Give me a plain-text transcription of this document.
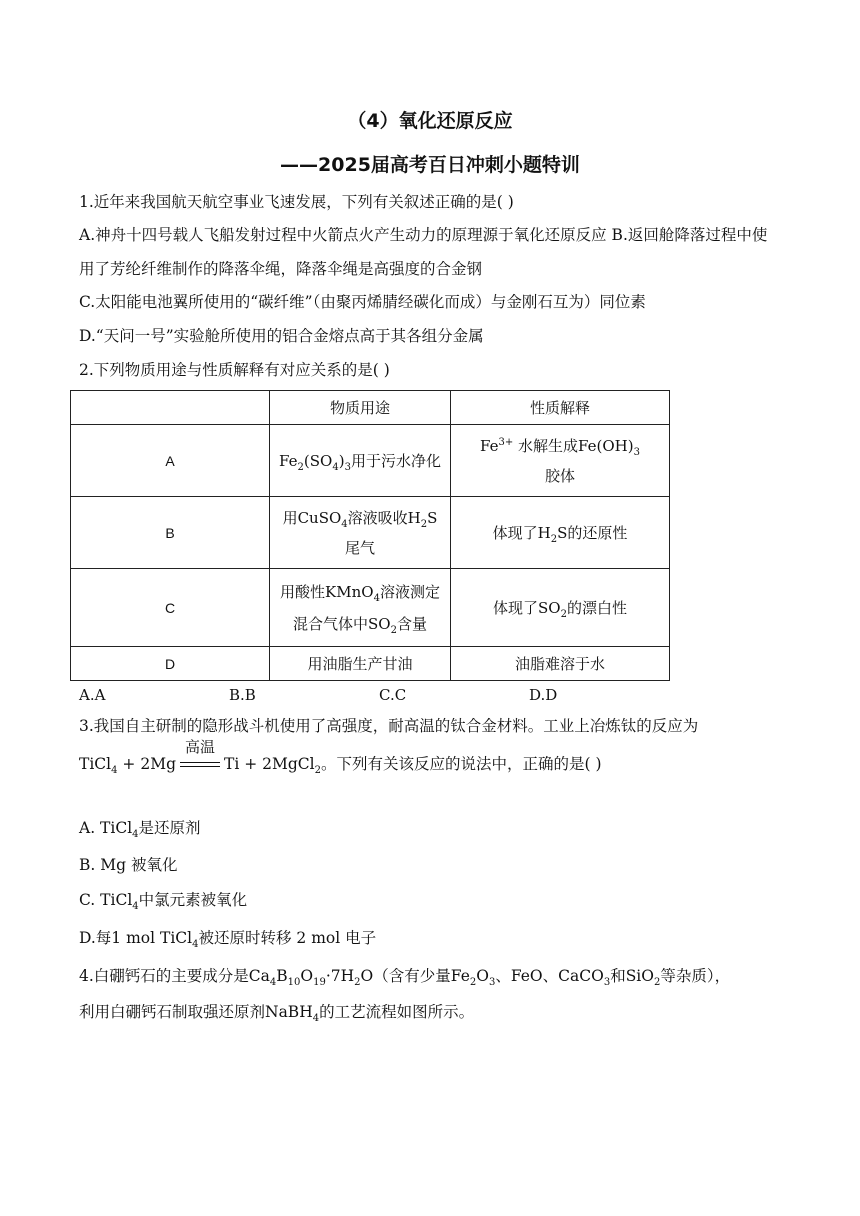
（4）氧化还原反应
——2025届高考百日冲刺小题特训
1.近年来我国航天航空事业飞速发展，下列有关叙述正确的是( )
A.神舟十四号载人飞船发射过程中火箭点火产生动力的原理源于氧化还原反应 B.返回舱降落过程中使用了芳纶纤维制作的降落伞绳，降落伞绳是高强度的合金钢
C.太阳能电池翼所使用的“碳纤维”（由聚丙烯腈经碳化而成）与金刚石互为）同位素
D.“天问一号”实验舱所使用的铝合金熔点高于其各组分金属
2.下列物质用途与性质解释有对应关系的是( )
	物质用途	性质解释
A	$Fe_2(SO_4)_3$用于污水净化	$Fe^{3+}$ 水解生成$Fe(OH)_3$
胶体
B	用CuSO$_4$溶液吸收$H_2S$
尾气	体现了$H_2S$的还原性
C	用酸性KMnO$_4$溶液测定
混合气体中$SO_2$含量	体现了$SO_2$的漂白性
D	用油脂生产甘油	油脂难溶于水
A.A	B.B	C.C	D.D
3.我国自主研制的隐形战斗机使用了高强度，耐高温的钛合金材料。工业上冶炼钛的反应为
TiCl$_4$ + 2Mg
高温
Ti + 2MgCl$_2$。下列有关该反应的说法中，正确的是( )
A. TiCl$_4$是还原剂
B. Mg 被氧化
C. TiCl$_4$中氯元素被氧化
D.每1 mol TiCl$_4$被还原时转移 2 mol 电子
4.白硼钙石的主要成分是$Ca_4B_{10}O_{19}\cdot 7H_2O$（含有少量$Fe_2O_3$、FeO、CaCO$_3$和SiO$_2$等杂质），
利用白硼钙石制取强还原剂NaBH$_4$的工艺流程如图所示。
